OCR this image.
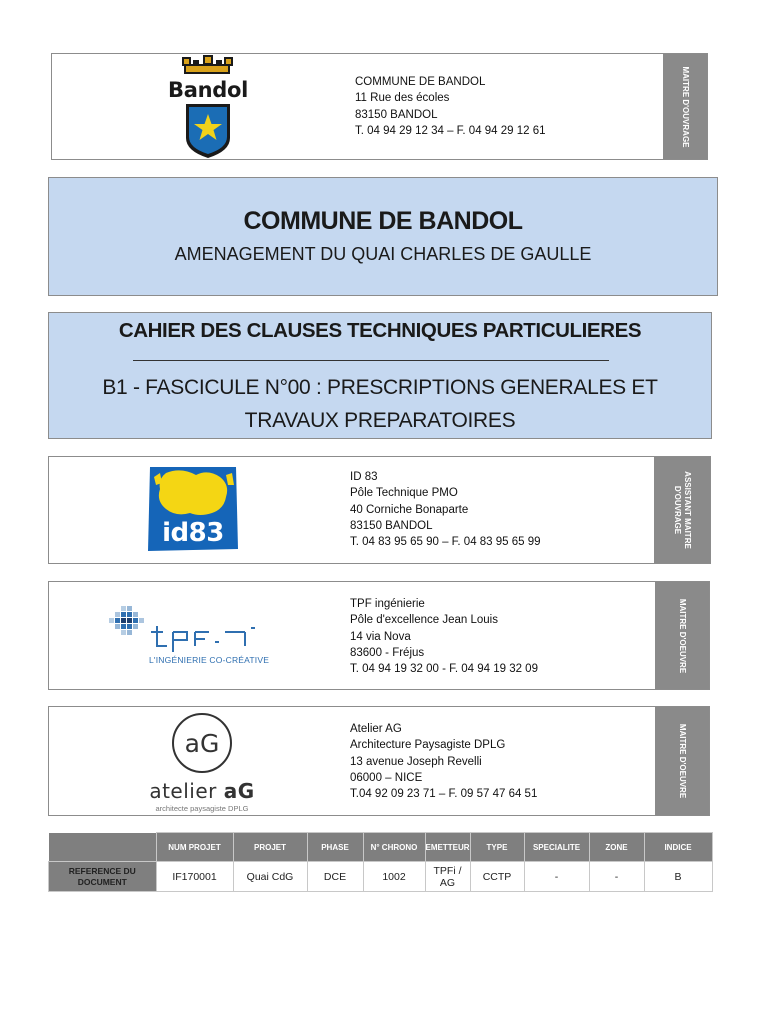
Bandol	COMMUNE DE BANDOL
11 Rue des écoles
83150 BANDOL
T. 04 94 29 12 34 – F. 04 94 29 12 61	MAITRE D'OUVRAGE
COMMUNE DE BANDOL
AMENAGEMENT DU QUAI CHARLES DE GAULLE
CAHIER DES CLAUSES TECHNIQUES PARTICULIERES
B1 - FASCICULE N°00 : PRESCRIPTIONS GENERALES ET
TRAVAUX PREPARATOIRES
id83
ID 83
Pôle Technique PMO
40 Corniche Bonaparte
83150 BANDOL
T. 04 83 95 65 90 – F. 04 83 95 65 99	ASSISTANT MAITRE
D'OUVRAGE
L'INGÉNIERIE CO-CRÉATIVE
TPF ingénierie
Pôle d'excellence Jean Louis
14 via Nova
83600 - Fréjus
T. 04 94 19 32 00 - F. 04 94 19 32 09	MAITRE D'OEUVRE
aG
atelier aG
architecte paysagiste DPLG
Atelier AG
Architecture Paysagiste DPLG
13 avenue Joseph Revelli
06000 – NICE
T.04 92 09 23 71 – F. 09 57 47 64 51	MAITRE D'OEUVRE
	NUM PROJET	PROJET	PHASE	N° CHRONO	EMETTEUR	TYPE	SPECIALITE	ZONE	INDICE
REFERENCE DU DOCUMENT	IF170001	Quai CdG	DCE	1002	TPFi / AG	CCTP	-	-	B
